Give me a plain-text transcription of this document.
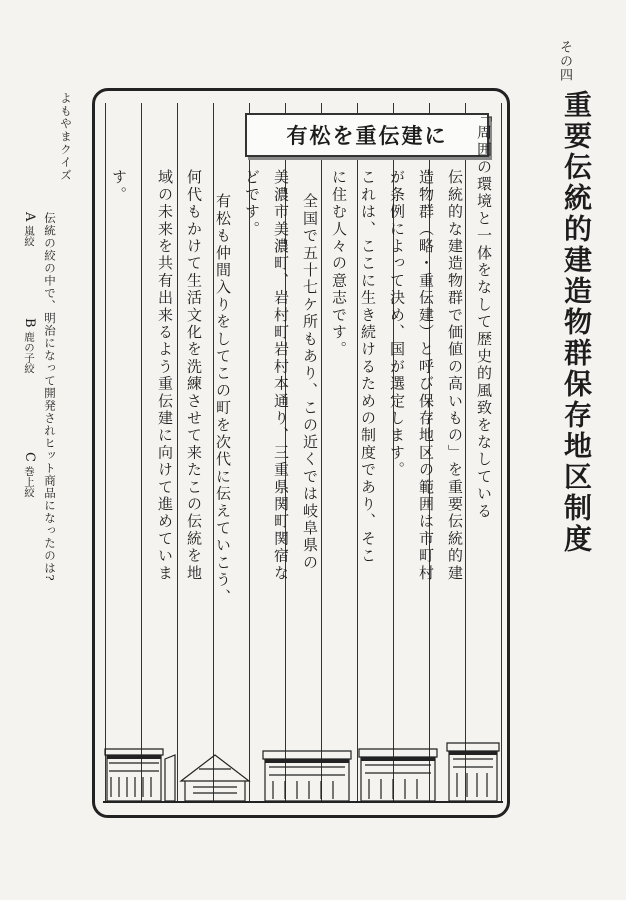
その四
重要伝統的建造物群保存地区制度
有松を重伝建に	「周囲の環境と一体をなして歴史的風致をなしている
伝統的な建造物群で価値の高いもの」を重要伝統的建
造物群（略・重伝建）と呼び保存地区の範囲は市町村
が条例によって決め、国が選定します。
これは、ここに生き続けるための制度であり、そこ
に住む人々の意志です。
全国で五十七ケ所もあり、この近くでは岐阜県の
美濃市美濃町、岩村町岩村本通り、三重県関町関宿な
どです。
有松も仲間入りをしてこの町を次代に伝えていこう、
何代もかけて生活文化を洗練させて来たこの伝統を地
域の未来を共有出来るよう重伝建に向けて進めていま
す。
よもやまクイズ
伝統の絞の中で、明治になって開発されヒット商品になったのは?
A 嵐絞
B 鹿の子絞
C 巻上絞
